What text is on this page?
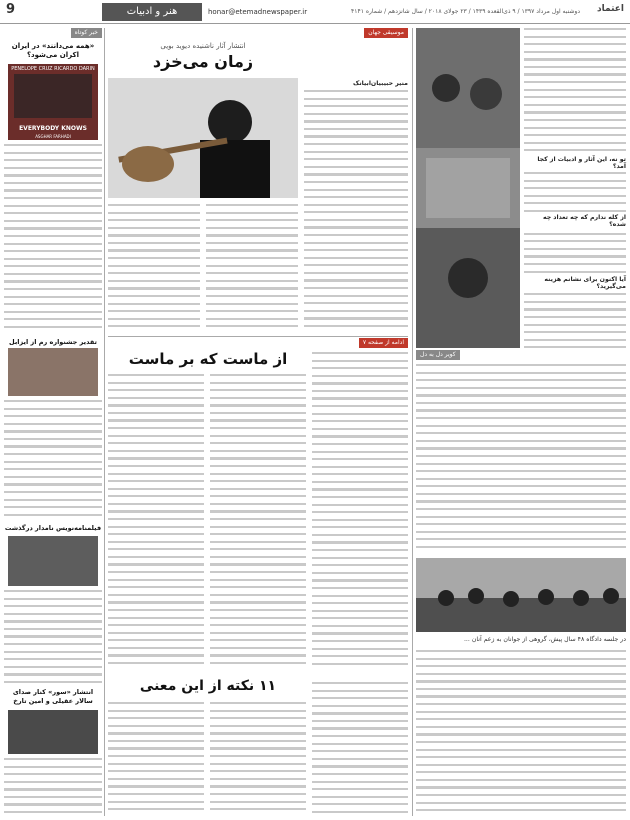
9	هنر و ادبیات	honar@etemadnewspaper.ir	دوشنبه اول مرداد ۱۳۹۷ / ۹ ذی‌القعده ۱۴۳۹ / ۲۳ جولای ۲۰۱۸ / سال شانزدهم / شماره ۴۱۴۱ اعتماد
خبر کوتاه
«همه می‌دانند» در ایران اکران می‌شود؟
PENELOPE CRUZ RICARDO DARIN
EVERYBODY KNOWS
ASGHAR FARHADI
تقدیر جشنواره رم از ایزابل
فیلمنامه‌نویس نامدار درگذشت
انتشار «سور» کنار صدای سالار عقیلی و امین تارخ
موسیقی جهان
انتشار آثار ناشنیده دیوید بویی
زمان می‌خزد
منیر حبیبیان‌ابیانک
ادامه از صفحه ۷
از ماست که بر ماست
۱۱ نکته از این معنی
تو نه، این آثار و ادبیات از کجا آمد؟
از کله ندارم که چه تعداد چه شده؟
آیا اکنون برای نشانم هزینه می‌گیرید؟
کویر دل به دل
در جلسه دادگاه ۴۸ سال پیش، گروهی از جوانان به زعم آنان ...
